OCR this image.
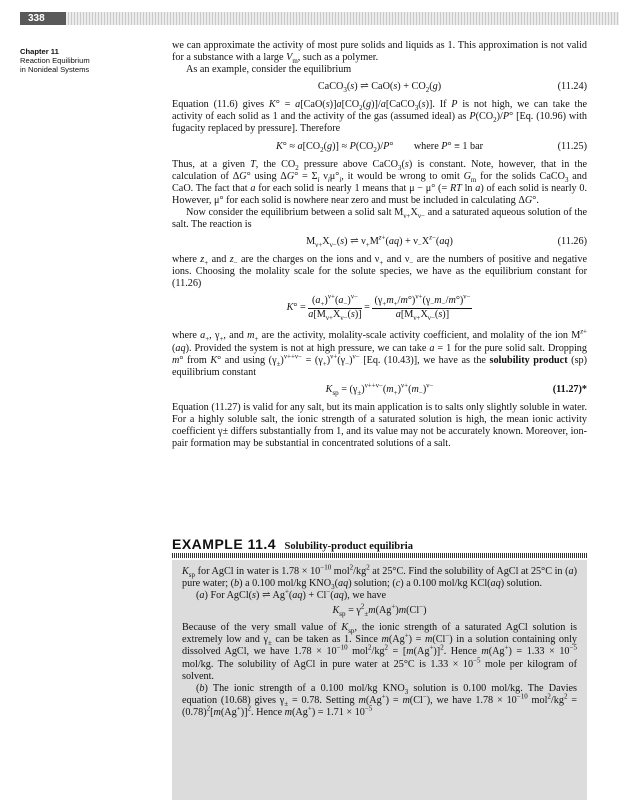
338
Chapter 11
Reaction Equilibrium
in Nonideal Systems

we can approximate the activity of most pure solids and liquids as 1. This approximation is not valid for a substance with a large $V_m$, such as a polymer.

As an example, consider the equilibrium

CaCO$_3$(s) ⇌ $CaO(s) + CO_2(g)$	(11.24)

Equation (11.6) gives $K^\circ = a[CaO(s)]a[CO_2(g)]/a[CaCO_3(s)]$. If P is not high, we can take the activity of each solid as 1 and the activity of the gas (assumed ideal) as $P(CO_2)/P^\circ$ [Eq. (10.96) with fugacity replaced by pressure]. Therefore

$K^\circ \approx a[CO_2(g)] \approx P(CO_2)/P^\circ$        where P° ≡ 1 bar	(11.25)

Thus, at a given T, the $CO_2$ pressure above CaCO$_3$(s) is constant. Note, however, that in the calculation of ΔG° using $\Delta G^\circ = \Sigma_i$ $\nu_i\mu^\circ_i$, it would be wrong to omit $G_m$ for the solids CaCO$_3$ and CaO. The fact that a for each solid is nearly 1 means that μ − μ° (= RT ln a) of each solid is nearly 0. However, μ° for each solid is nowhere near zero and must be included in calculating ΔG°.

Now consider the equilibrium between a solid salt $M_{\nu+}X_{\nu-}$ and a saturated aqueous solution of the salt. The reaction is

$M_{\nu+}X_{\nu-}(s)$ ⇌ $\nu_+M^{z+}(aq) + \nu_-X^{z-}(aq)$	(11.26)

where $z_+$ and $z_-$ are the charges on the ions and $\nu_+$ and $\nu_-$ are the numbers of positive and negative ions. Choosing the molality scale for the solute species, we have as the equilibrium constant for (11.26)

$K^\circ = \frac{(a_+)^{\nu+}(a_-)^{\nu-}}{a[M_{\nu+}X_{\nu-}(s)]} = \frac{(\gamma_+m_+/m^\circ)^{\nu+}(\gamma_-m_-/m^\circ)^{\nu-}}{a[M_{\nu+}X_{\nu-}(s)]}$

where $a_+$, $\gamma_+$, and $m_+$ are the activity, molality-scale activity coefficient, and molality of the ion $M^{z+}(aq)$. Provided the system is not at high pressure, we can take a = 1 for the pure solid salt. Dropping m° from K° and using $(\gamma_\pm)^{\nu++\nu-} = (\gamma_+)^{\nu+}(\gamma_-)^{\nu-}$ [Eq. (10.43)], we have as the solubility product (sp) equilibrium constant

$K_{sp} = (\gamma_\pm)^{\nu++\nu-}(m_+)^{\nu+}(m_-)^{\nu-}$	(11.27)*

Equation (11.27) is valid for any salt, but its main application is to salts only slightly soluble in water. For a highly soluble salt, the ionic strength of a saturated solution is high, the mean ionic activity coefficient γ± differs substantially from 1, and its value may not be accurately known. Moreover, ion-pair formation may be substantial in concentrated solutions of a salt.

EXAMPLE 11.4 Solubility-product equilibria

$K_{sp}$ for AgCl in water is $1.78 \times 10^{-10}$ $mol^2/kg^2$ at 25°C. Find the solubility of AgCl at 25°C in (a) pure water; (b) a 0.100 mol/kg $KNO_3(aq)$ solution; (c) a 0.100 mol/kg KCl(aq) solution.

(a) For AgCl(s) ⇌ Ag+(aq) + Cl−(aq), we have

$K_{sp} = \gamma^2_\pm m(Ag^+)m(Cl^-)$

Because of the very small value of $K_{sp}$, the ionic strength of a saturated AgCl solution is extremely low and $\gamma_\pm$ can be taken as 1. Since m(Ag+) = m(Cl−) in a solution containing only dissolved AgCl, we have $1.78 \times 10^{-10}$ $mol^2/kg^2 = [m(Ag^+)]^2$. Hence $m(Ag^+) = 1.33 \times 10^{-5}$ mol/kg. The solubility of AgCl in pure water at 25°C is $1.33 \times 10^{-5}$ mole per kilogram of solvent.

(b) The ionic strength of a 0.100 mol/kg $KNO_3$ solution is 0.100 mol/kg. The Davies equation (10.68) gives $\gamma_\pm = 0.78$. Setting m(Ag+) = m(Cl−), we have $1.78 \times 10^{-10}$ $mol^2/kg^2 = (0.78)^2[m(Ag^+)]^2$. Hence $m(Ag^+) = 1.71 \times 10^{-5}$
